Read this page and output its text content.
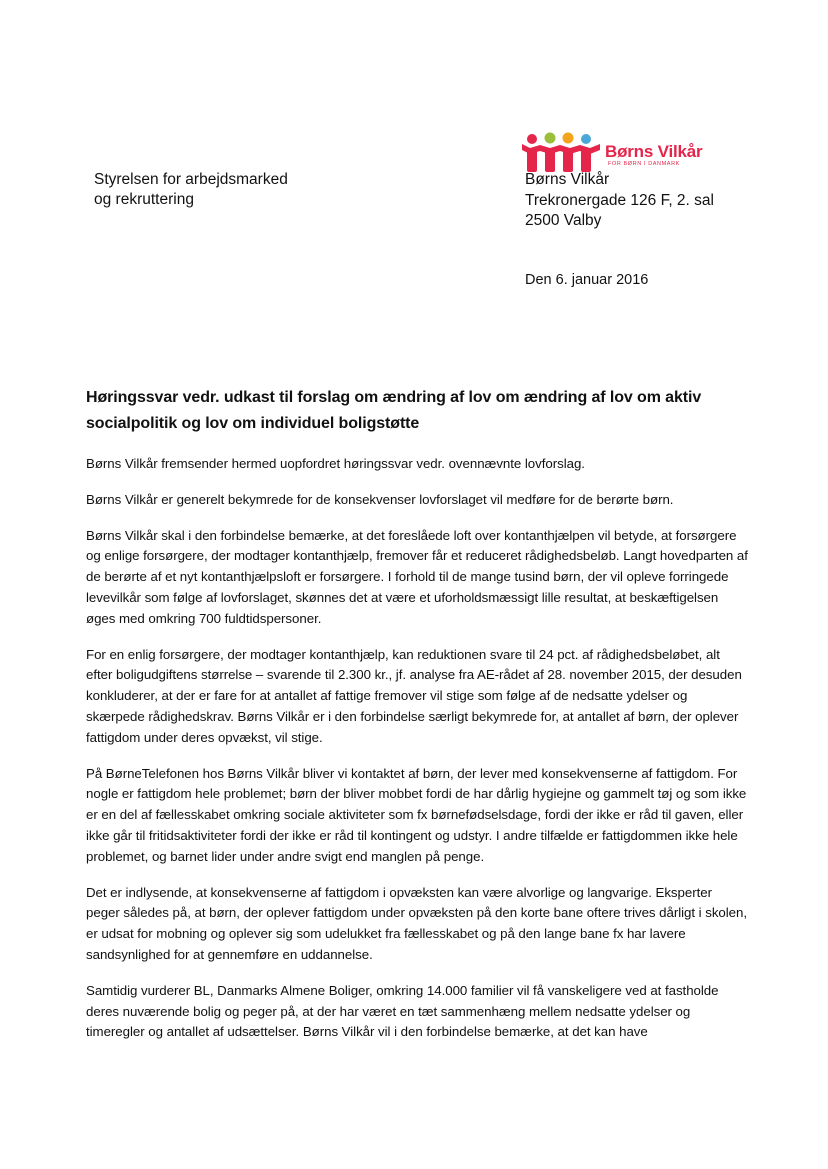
Børns Vilkår
FOR BØRN I DANMARK
Styrelsen for arbejdsmarked
og rekruttering
Børns Vilkår
Trekronergade 126 F, 2. sal
2500 Valby
Den 6. januar 2016
Høringssvar vedr. udkast til forslag om ændring af lov om ændring af lov om aktiv socialpolitik og lov om individuel boligstøtte

Børns Vilkår fremsender hermed uopfordret høringssvar vedr. ovennævnte lovforslag.

Børns Vilkår er generelt bekymrede for de konsekvenser lovforslaget vil medføre for de berørte børn.

Børns Vilkår skal i den forbindelse bemærke, at det foreslåede loft over kontanthjælpen vil betyde, at forsørgere og enlige forsørgere, der modtager kontanthjælp, fremover får et reduceret rådighedsbeløb. Langt hovedparten af de berørte af et nyt kontanthjælpsloft er forsørgere. I forhold til de mange tusind børn, der vil opleve forringede levevilkår som følge af lovforslaget, skønnes det at være et uforholdsmæssigt lille resultat, at beskæftigelsen øges med omkring 700 fuldtidspersoner.

For en enlig forsørgere, der modtager kontanthjælp, kan reduktionen svare til 24 pct. af rådighedsbeløbet, alt efter boligudgiftens størrelse – svarende til 2.300 kr., jf. analyse fra AE-rådet af 28. november 2015, der desuden konkluderer, at der er fare for at antallet af fattige fremover vil stige som følge af de nedsatte ydelser og skærpede rådighedskrav. Børns Vilkår er i den forbindelse særligt bekymrede for, at antallet af børn, der oplever fattigdom under deres opvækst, vil stige.

På BørneTelefonen hos Børns Vilkår bliver vi kontaktet af børn, der lever med konsekvenserne af fattigdom. For nogle er fattigdom hele problemet; børn der bliver mobbet fordi de har dårlig hygiejne og gammelt tøj og som ikke er en del af fællesskabet omkring sociale aktiviteter som fx børnefødselsdage, fordi der ikke er råd til gaven, eller ikke går til fritidsaktiviteter fordi der ikke er råd til kontingent og udstyr. I andre tilfælde er fattigdommen ikke hele problemet, og barnet lider under andre svigt end manglen på penge.

Det er indlysende, at konsekvenserne af fattigdom i opvæksten kan være alvorlige og langvarige. Eksperter peger således på, at børn, der oplever fattigdom under opvæksten på den korte bane oftere trives dårligt i skolen, er udsat for mobning og oplever sig som udelukket fra fællesskabet og på den lange bane fx har lavere sandsynlighed for at gennemføre en uddannelse.

Samtidig vurderer BL, Danmarks Almene Boliger, omkring 14.000 familier vil få vanskeligere ved at fastholde deres nuværende bolig og peger på, at der har været en tæt sammenhæng mellem nedsatte ydelser og timeregler og antallet af udsættelser. Børns Vilkår vil i den forbindelse bemærke, at det kan have
